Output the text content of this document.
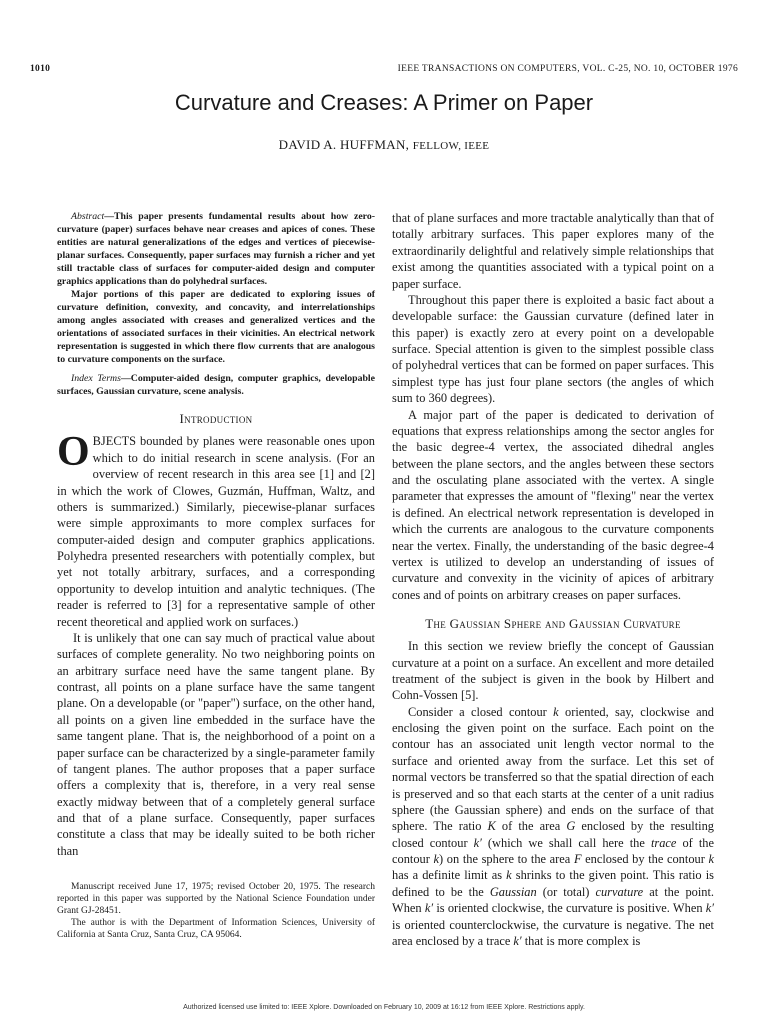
1010	IEEE TRANSACTIONS ON COMPUTERS, VOL. C-25, NO. 10, OCTOBER 1976
Curvature and Creases: A Primer on Paper
DAVID A. HUFFMAN, FELLOW, IEEE

Abstract—This paper presents fundamental results about how zero-curvature (paper) surfaces behave near creases and apices of cones. These entities are natural generalizations of the edges and vertices of piecewise-planar surfaces. Consequently, paper surfaces may furnish a richer and yet still tractable class of surfaces for computer-aided design and computer graphics applications than do polyhedral surfaces.

Major portions of this paper are dedicated to exploring issues of curvature definition, convexity, and concavity, and interrelationships among angles associated with creases and generalized vertices and the orientations of associated surfaces in their vicinities. An electrical network representation is suggested in which there flow currents that are analogous to curvature components on the surface.

Index Terms—Computer-aided design, computer graphics, developable surfaces, Gaussian curvature, scene analysis.

Introduction

OBJECTS bounded by planes were reasonable ones upon which to do initial research in scene analysis. (For an overview of recent research in this area see [1] and [2] in which the work of Clowes, Guzmán, Huffman, Waltz, and others is summarized.) Similarly, piecewise-planar surfaces were simple approximants to more complex surfaces for computer-aided design and computer graphics applications. Polyhedra presented researchers with potentially complex, but yet not totally arbitrary, surfaces, and a corresponding opportunity to develop intuition and analytic techniques. (The reader is referred to [3] for a representative sample of other recent theoretical and applied work on surfaces.)

It is unlikely that one can say much of practical value about surfaces of complete generality. No two neighboring points on an arbitrary surface need have the same tangent plane. By contrast, all points on a plane surface have the same tangent plane. On a developable (or "paper") surface, on the other hand, all points on a given line embedded in the surface have the same tangent plane. That is, the neighborhood of a point on a paper surface can be characterized by a single-parameter family of tangent planes. The author proposes that a paper surface offers a complexity that is, therefore, in a very real sense exactly midway between that of a completely general surface and that of a plane surface. Consequently, paper surfaces constitute a class that may be ideally suited to be both richer than

that of plane surfaces and more tractable analytically than that of totally arbitrary surfaces. This paper explores many of the extraordinarily delightful and relatively simple relationships that exist among the quantities associated with a typical point on a paper surface.

Throughout this paper there is exploited a basic fact about a developable surface: the Gaussian curvature (defined later in this paper) is exactly zero at every point on a developable surface. Special attention is given to the simplest possible class of polyhedral vertices that can be formed on paper surfaces. This simplest type has just four plane sectors (the angles of which sum to 360 degrees).

A major part of the paper is dedicated to derivation of equations that express relationships among the sector angles for the basic degree-4 vertex, the associated dihedral angles between the plane sectors, and the angles between these sectors and the osculating plane associated with the vertex. A single parameter that expresses the amount of "flexing" near the vertex is defined. An electrical network representation is developed in which the currents are analogous to the curvature components near the vertex. Finally, the understanding of the basic degree-4 vertex is utilized to develop an understanding of issues of curvature and convexity in the vicinity of apices of arbitrary cones and of points on arbitrary creases on paper surfaces.

The Gaussian Sphere and Gaussian Curvature

In this section we review briefly the concept of Gaussian curvature at a point on a surface. An excellent and more detailed treatment of the subject is given in the book by Hilbert and Cohn-Vossen [5].

Consider a closed contour k oriented, say, clockwise and enclosing the given point on the surface. Each point on the contour has an associated unit length vector normal to the surface and oriented away from the surface. Let this set of normal vectors be transferred so that the spatial direction of each is preserved and so that each starts at the center of a unit radius sphere (the Gaussian sphere) and ends on the surface of that sphere. The ratio K of the area G enclosed by the resulting closed contour k′ (which we shall call here the trace of the contour k) on the sphere to the area F enclosed by the contour k has a definite limit as k shrinks to the given point. This ratio is defined to be the Gaussian (or total) curvature at the point. When k′ is oriented clockwise, the curvature is positive. When k′ is oriented counterclockwise, the curvature is negative. The net area enclosed by a trace k′ that is more complex is

Manuscript received June 17, 1975; revised October 20, 1975. The research reported in this paper was supported by the National Science Foundation under Grant GJ-28451.

The author is with the Department of Information Sciences, University of California at Santa Cruz, Santa Cruz, CA 95064.

Authorized licensed use limited to: IEEE Xplore. Downloaded on February 10, 2009 at 16:12 from IEEE Xplore. Restrictions apply.
